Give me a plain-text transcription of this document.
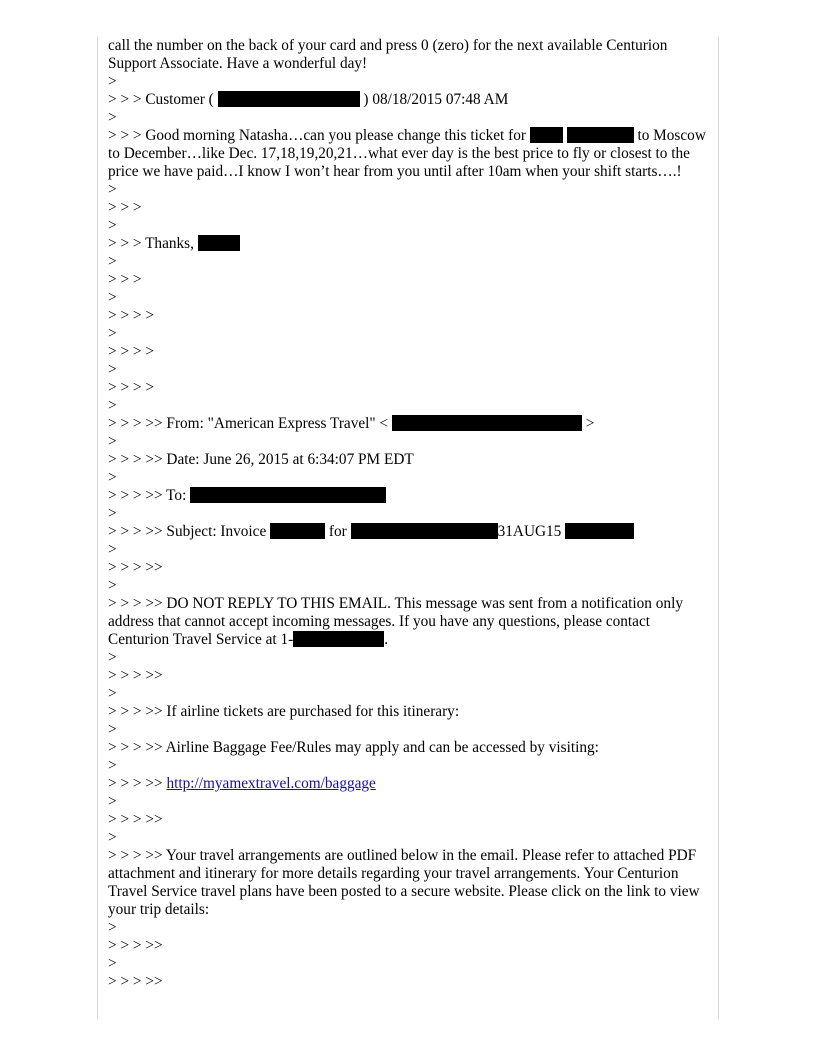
call the number on the back of your card and press 0 (zero) for the next available Centurion Support Associate. Have a wonderful day!
>
> > > Customer (	) 08/18/2015 07:48 AM
>
> > > Good morning Natasha…can you please change this ticket for	to Moscow to December…like Dec. 17,18,19,20,21…what ever day is the best price to fly or closest to the price we have paid…I know I won’t hear from you until after 10am when your shift starts….!
>
> > >
>
> > > Thanks,
>
> > >
>
> > > >
>
> > > >
>
> > > >
>
> > > >> From: "American Express Travel" <	>
>
> > > >> Date: June 26, 2015 at 6:34:07 PM EDT
>
> > > >> To:
>
> > > >> Subject: Invoice	for	31AUG15
>
> > > >>
>
> > > >> DO NOT REPLY TO THIS EMAIL. This message was sent from a notification only address that cannot accept incoming messages. If you have any questions, please contact Centurion Travel Service at 1-	.
>
> > > >>
>
> > > >> If airline tickets are purchased for this itinerary:
>
> > > >> Airline Baggage Fee/Rules may apply and can be accessed by visiting:
>
> > > >> http://myamextravel.com/baggage
>
> > > >>
>
> > > >> Your travel arrangements are outlined below in the email. Please refer to attached PDF attachment and itinerary for more details regarding your travel arrangements. Your Centurion Travel Service travel plans have been posted to a secure website. Please click on the link to view your trip details:
>
> > > >>
>
> > > >>
